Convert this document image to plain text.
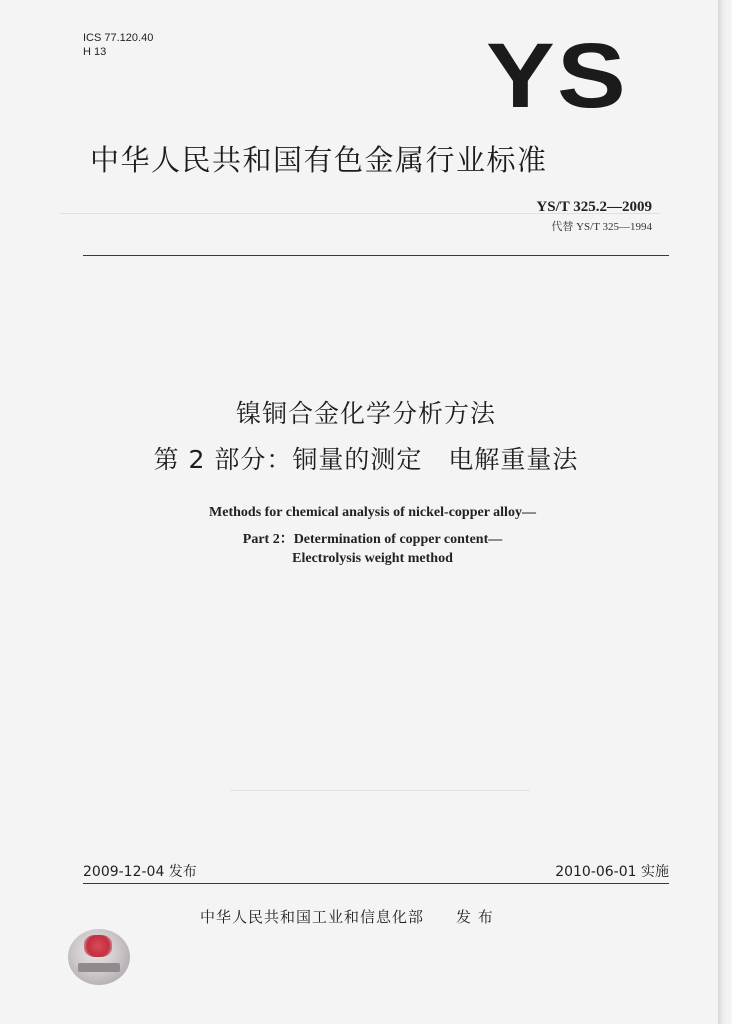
ICS 77.120.40
H 13	YS
中华人民共和国有色金属行业标准
YS/T 325.2—2009
代替 YS/T 325—1994
镍铜合金化学分析方法
第 2 部分：铜量的测定　电解重量法
Methods for chemical analysis of nickel-copper alloy—
Part 2：Determination of copper content—
Electrolysis weight method
2009-12-04 发布	2010-06-01 实施
中华人民共和国工业和信息化部　　发 布
